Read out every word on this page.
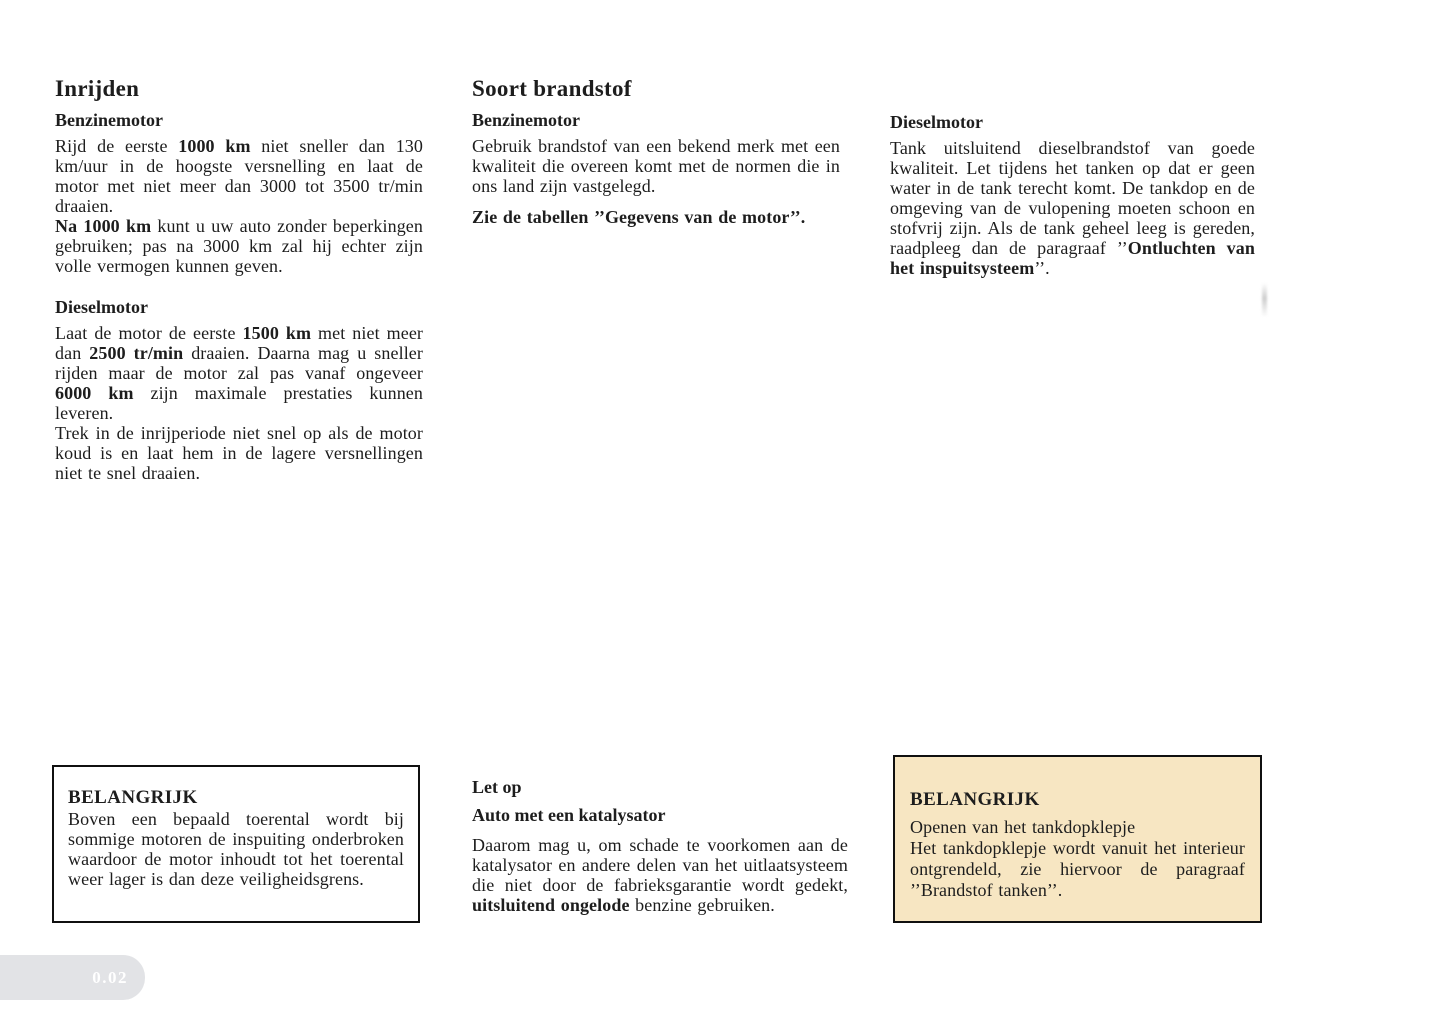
Inrijden
Benzinemotor

Rijd de eerste 1000 km niet sneller dan 130 km/uur in de hoogste versnelling en laat de motor met niet meer dan 3000 tot 3500 tr/min draaien.

Na 1000 km kunt u uw auto zonder beperkingen gebruiken; pas na 3000 km zal hij echter zijn volle vermogen kunnen geven.

Dieselmotor

Laat de motor de eerste 1500 km met niet meer dan 2500 tr/min draaien. Daarna mag u sneller rijden maar de motor zal pas vanaf ongeveer 6000 km zijn maximale prestaties kunnen leveren.

Trek in de inrijperiode niet snel op als de motor koud is en laat hem in de lagere versnellingen niet te snel draaien.

Soort brandstof
Benzinemotor

Gebruik brandstof van een bekend merk met een kwaliteit die overeen komt met de normen die in ons land zijn vastgelegd.

Zie de tabellen ’’Gegevens van de motor’’.

Dieselmotor

Tank uitsluitend dieselbrandstof van goede kwaliteit. Let tijdens het tanken op dat er geen water in de tank terecht komt. De tankdop en de omgeving van de vulopening moeten schoon en stofvrij zijn. Als de tank geheel leeg is gereden, raadpleeg dan de paragraaf ’’Ontluchten van het inspuitsysteem’’.

BELANGRIJK

Boven een bepaald toerental wordt bij sommige motoren de inspuiting onderbroken waardoor de motor inhoudt tot het toerental weer lager is dan deze veiligheidsgrens.

Let op
Auto met een katalysator

Daarom mag u, om schade te voorkomen aan de katalysator en andere delen van het uitlaatsysteem die niet door de fabrieksgarantie wordt gedekt, uitsluitend ongelode benzine gebruiken.

BELANGRIJK

Openen van het tankdopklepje

Het tankdopklepje wordt vanuit het interieur ontgrendeld, zie hiervoor de paragraaf ’’Brandstof tanken’’.

0.02
